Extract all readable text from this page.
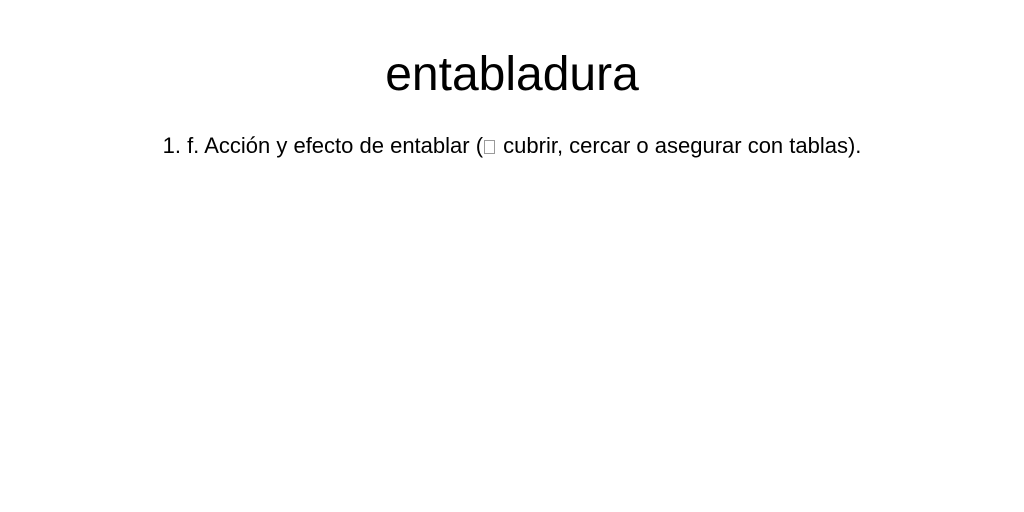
entabladura

1. f. Acción y efecto de entablar ( cubrir, cercar o asegurar con tablas).
